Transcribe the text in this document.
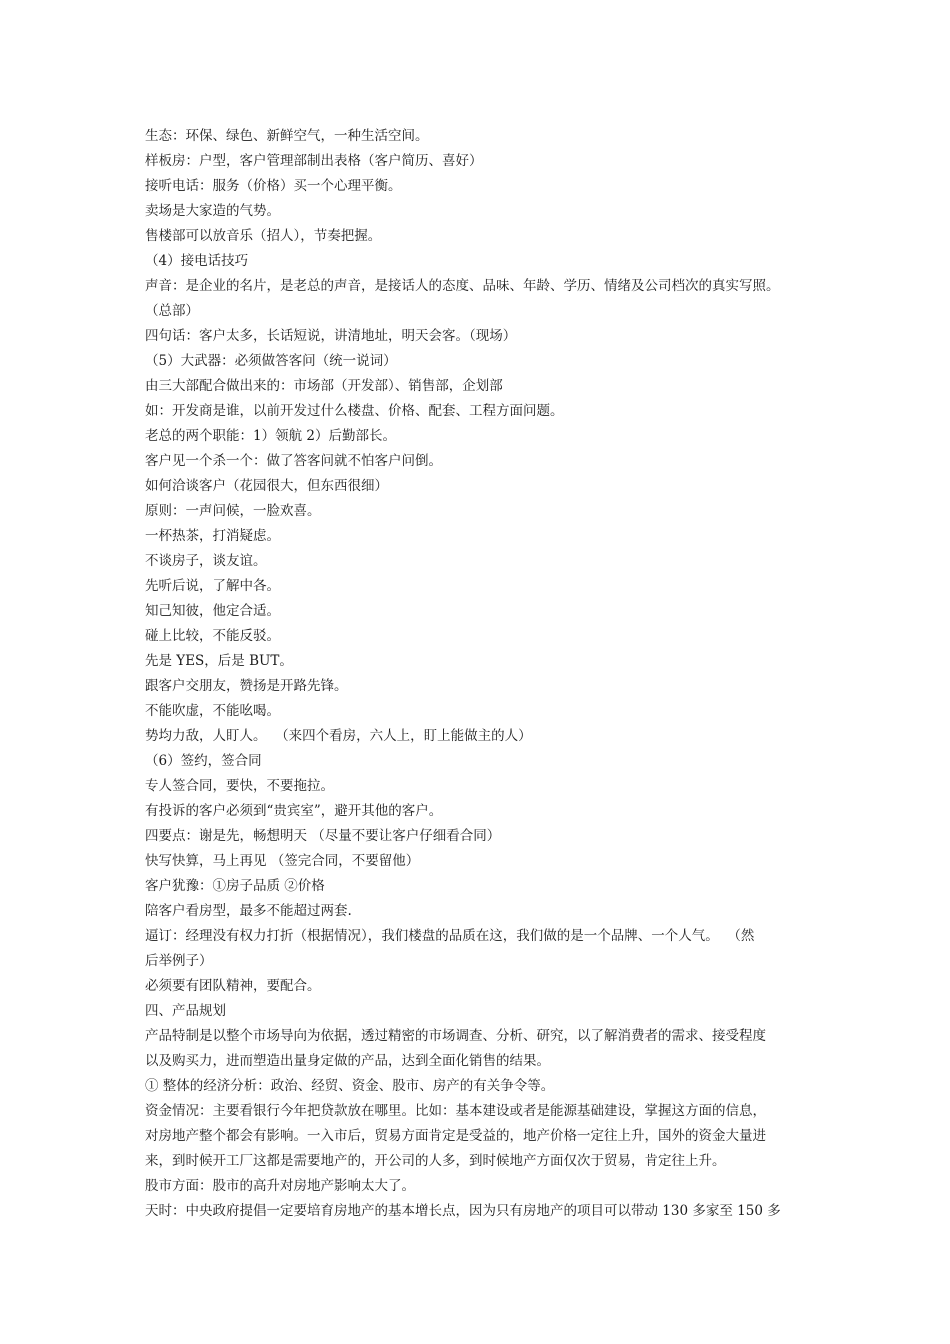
生态：环保、绿色、新鲜空气，一种生活空间。

样板房：户型，客户管理部制出表格（客户简历、喜好）

接听电话：服务（价格）买一个心理平衡。

卖场是大家造的气势。

售楼部可以放音乐（招人），节奏把握。

（4）接电话技巧

声音：是企业的名片，是老总的声音，是接话人的态度、品味、年龄、学历、情绪及公司档次的真实写照。

（总部）

四句话：客户太多，长话短说，讲清地址，明天会客。（现场）

（5）大武器：必须做答客问（统一说词）

由三大部配合做出来的：市场部（开发部）、销售部，企划部

如：开发商是谁，以前开发过什么楼盘、价格、配套、工程方面问题。

老总的两个职能：1）领航 2）后勤部长。

客户见一个杀一个：做了答客问就不怕客户问倒。

如何洽谈客户（花园很大，但东西很细）

原则：一声问候，一脸欢喜。

一杯热茶，打消疑虑。

不谈房子，谈友谊。

先听后说，了解中各。

知己知彼，他定合适。

碰上比较，不能反驳。

先是 YES，后是 BUT。

跟客户交朋友，赞扬是开路先锋。

不能吹虚，不能吆喝。

势均力敌，人盯人。  （来四个看房，六人上，盯上能做主的人）

（6）签约，签合同

专人签合同，要快，不要拖拉。

有投诉的客户必须到“贵宾室”，避开其他的客户。

四要点：谢是先，畅想明天 （尽量不要让客户仔细看合同）

快写快算，马上再见 （签完合同，不要留他）

客户犹豫：①房子品质 ②价格

陪客户看房型，最多不能超过两套.

逼订：经理没有权力打折（根据情况），我们楼盘的品质在这，我们做的是一个品牌、一个人气。  （然

后举例子）

必须要有团队精神，要配合。

四、产品规划

产品特制是以整个市场导向为依据，透过精密的市场调查、分析、研究，以了解消费者的需求、接受程度

以及购买力，进而塑造出量身定做的产品，达到全面化销售的结果。

① 整体的经济分析：政治、经贸、资金、股市、房产的有关争令等。

资金情况：主要看银行今年把贷款放在哪里。比如：基本建设或者是能源基础建设，掌握这方面的信息，

对房地产整个都会有影响。一入市后，贸易方面肯定是受益的，地产价格一定往上升，国外的资金大量进

来，到时候开工厂这都是需要地产的，开公司的人多，到时候地产方面仅次于贸易，肯定往上升。

股市方面：股市的高升对房地产影响太大了。

天时：中央政府提倡一定要培育房地产的基本增长点，因为只有房地产的项目可以带动 130 多家至 150 多
